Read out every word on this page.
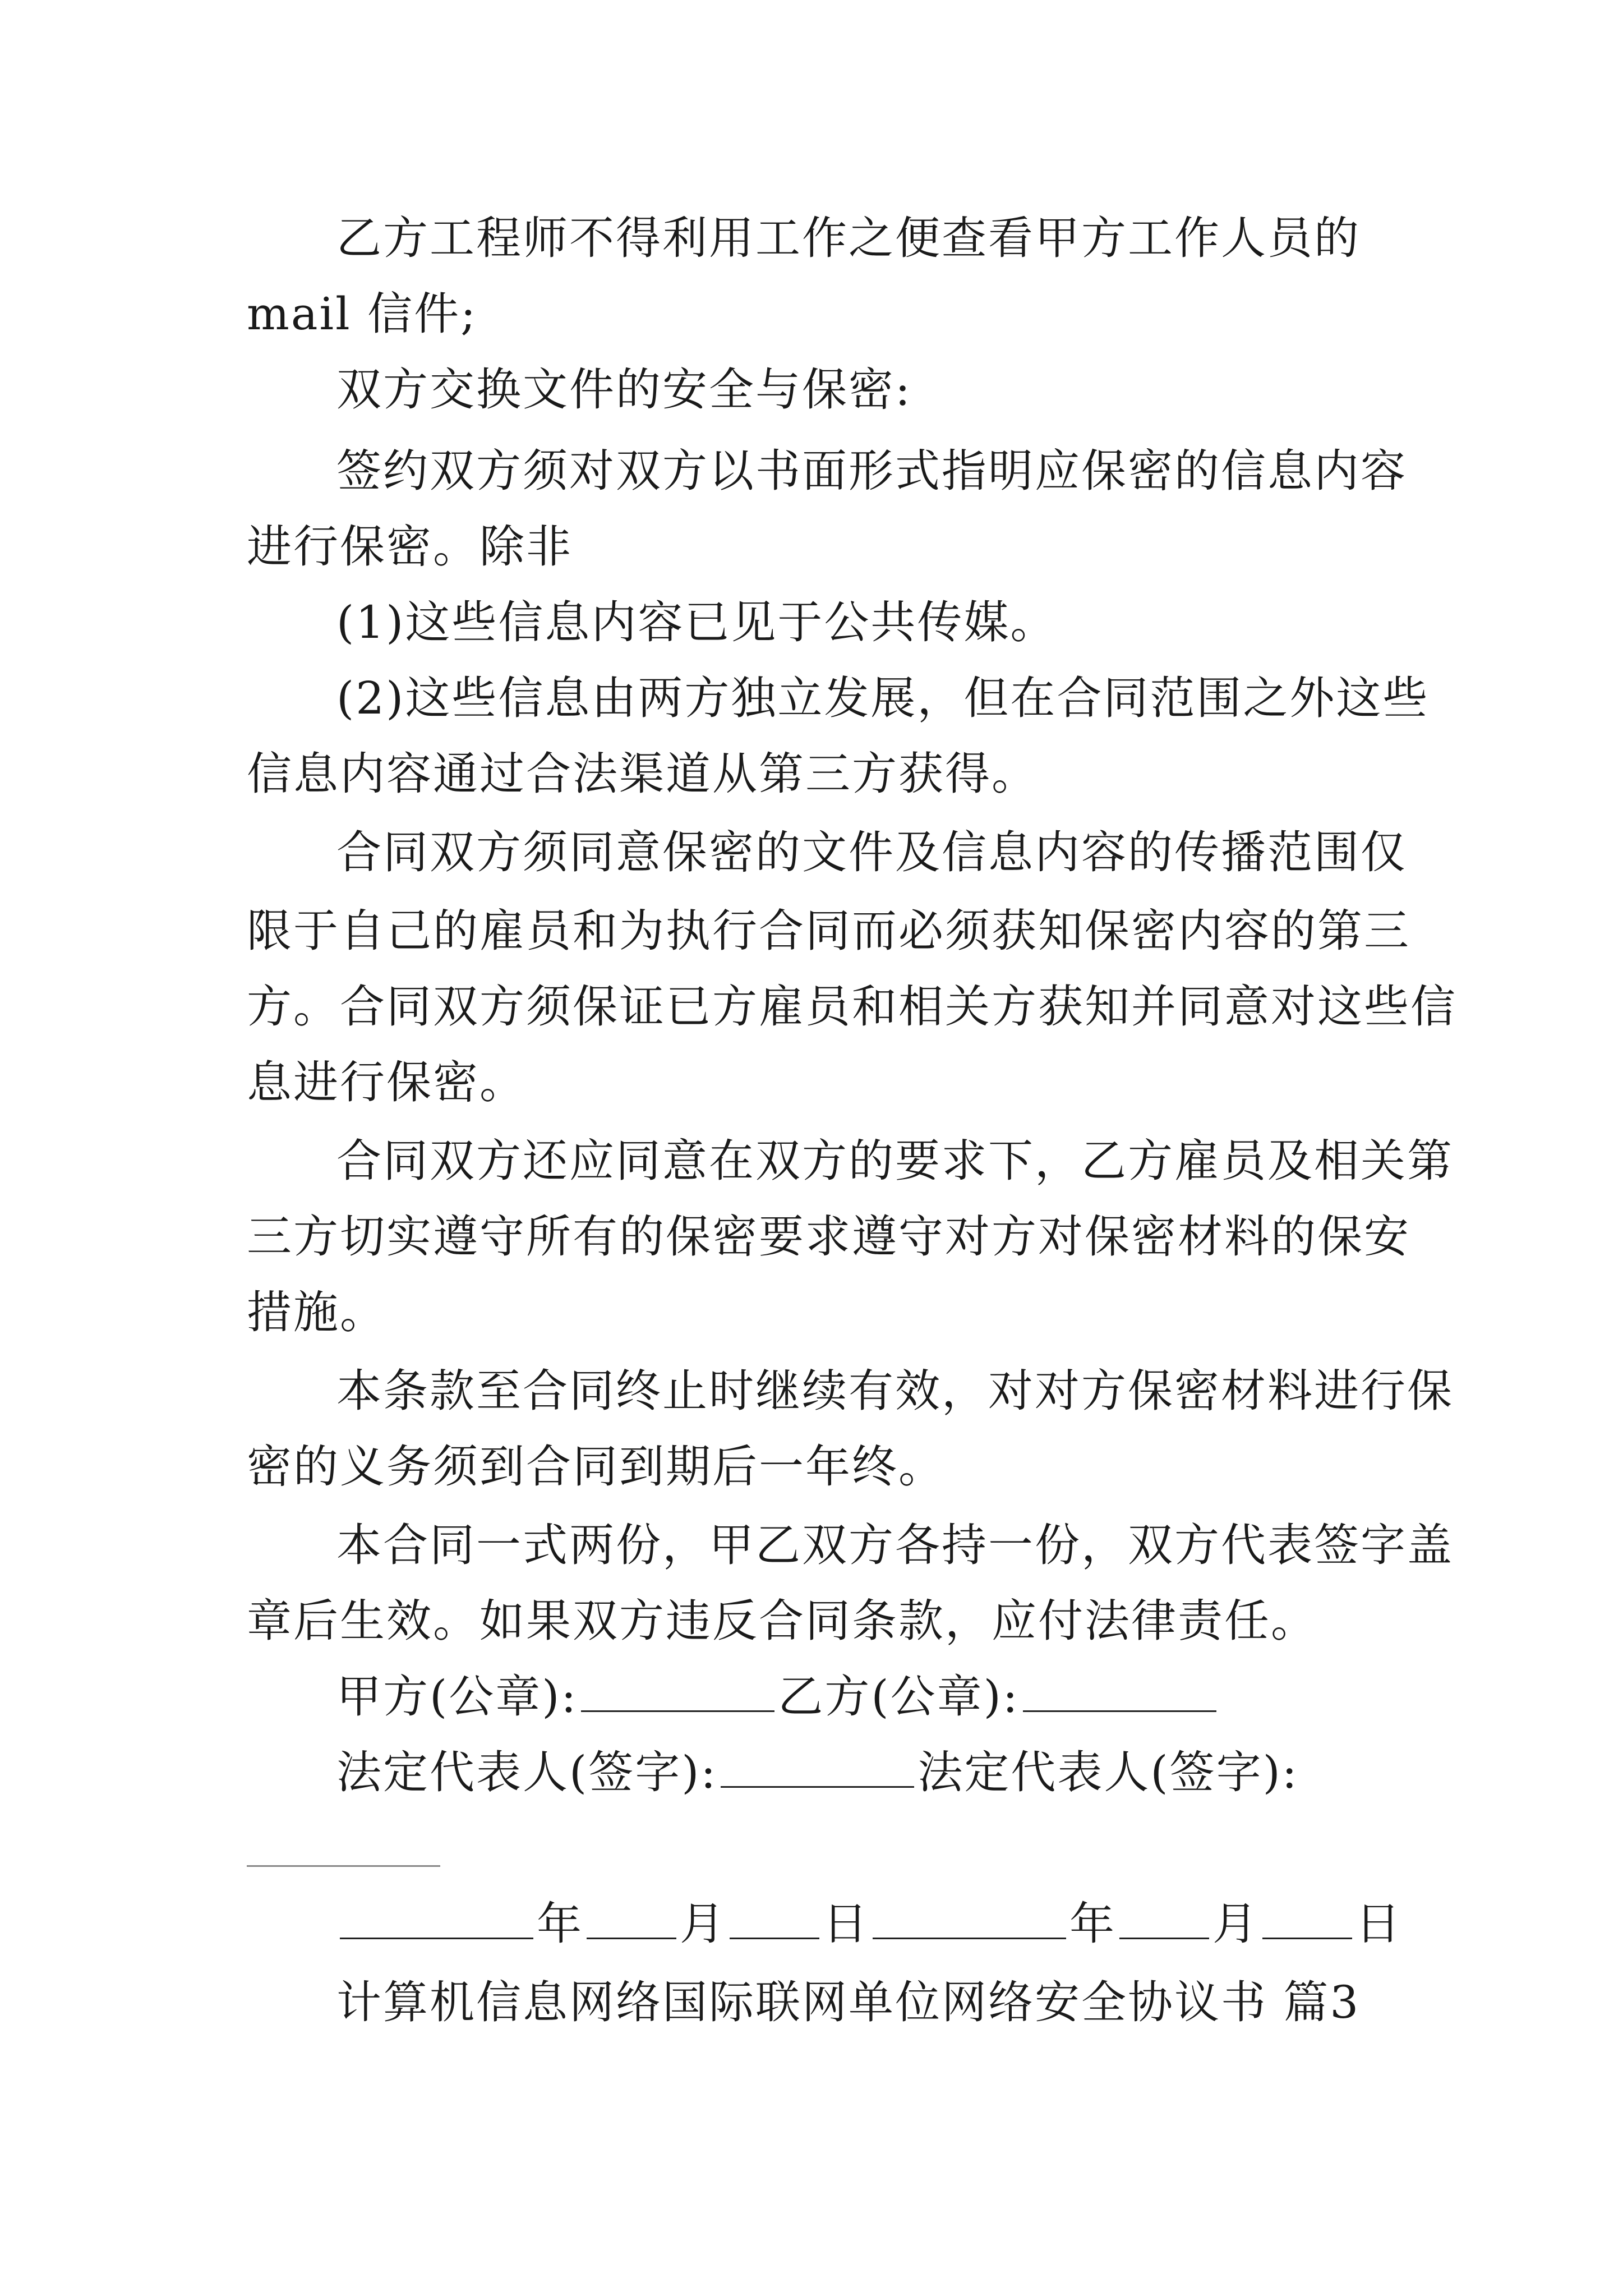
乙方工程师不得利用工作之便查看甲方工作人员的
mail 信件;
双方交换文件的安全与保密:
签约双方须对双方以书面形式指明应保密的信息内容
进行保密。除非
(1)这些信息内容已见于公共传媒。
(2)这些信息由两方独立发展，但在合同范围之外这些
信息内容通过合法渠道从第三方获得。
合同双方须同意保密的文件及信息内容的传播范围仅
限于自己的雇员和为执行合同而必须获知保密内容的第三
方。合同双方须保证已方雇员和相关方获知并同意对这些信
息进行保密。
合同双方还应同意在双方的要求下，乙方雇员及相关第
三方切实遵守所有的保密要求遵守对方对保密材料的保安
措施。
本条款至合同终止时继续有效，对对方保密材料进行保
密的义务须到合同到期后一年终。
本合同一式两份，甲乙双方各持一份，双方代表签字盖
章后生效。如果双方违反合同条款，应付法律责任。
甲方(公章):	乙方(公章):
法定代表人(签字):	法定代表人(签字):
年 月 日	年 月 日
计算机信息网络国际联网单位网络安全协议书 篇3
